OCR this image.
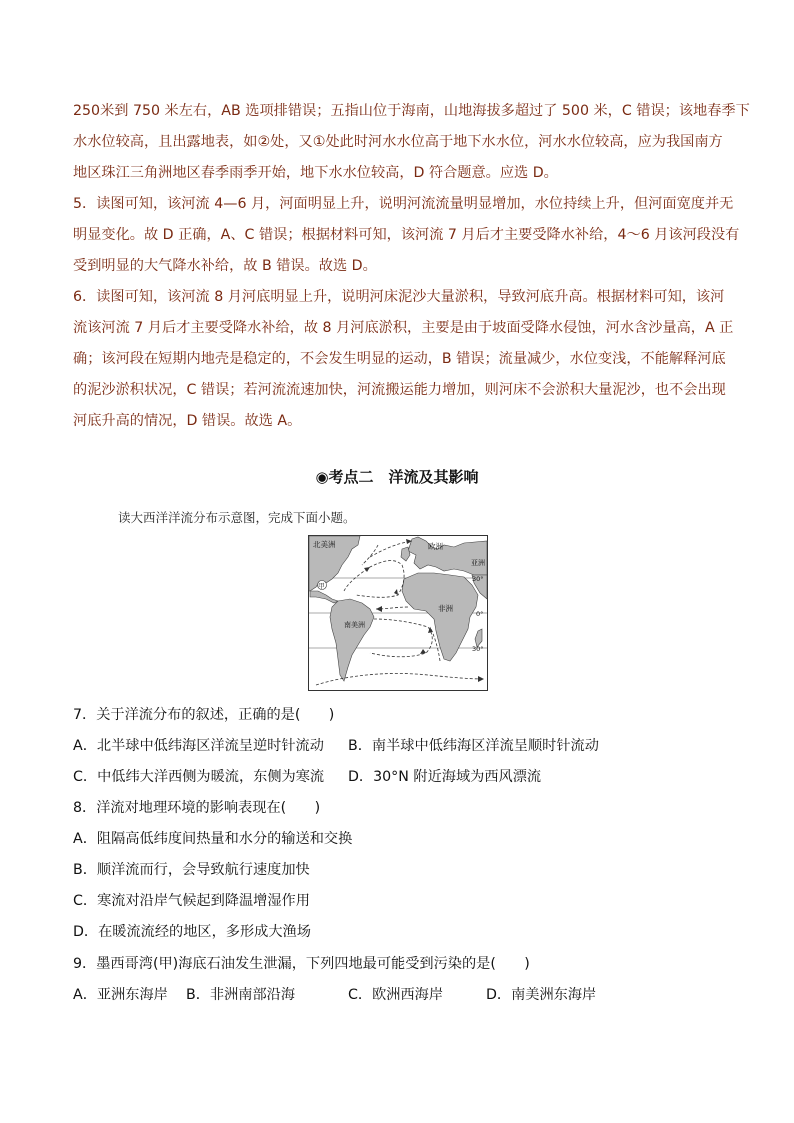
250米到 750 米左右，AB 选项排错误；五指山位于海南，山地海拔多超过了 500 米，C 错误；该地春季下

水水位较高，且出露地表，如②处，又①处此时河水水位高于地下水水位，河水水位较高，应为我国南方

地区珠江三角洲地区春季雨季开始，地下水水位较高，D 符合题意。应选 D。

5．读图可知，该河流 4—6 月，河面明显上升，说明河流流量明显增加，水位持续上升，但河面宽度并无

明显变化。故 D 正确，A、C 错误；根据材料可知，该河流 7 月后才主要受降水补给，4～6 月该河段没有

受到明显的大气降水补给，故 B 错误。故选 D。

6．读图可知，该河流 8 月河底明显上升，说明河床泥沙大量淤积，导致河底升高。根据材料可知，该河

流该河流 7 月后才主要受降水补给，故 8 月河底淤积，主要是由于坡面受降水侵蚀，河水含沙量高，A 正

确；该河段在短期内地壳是稳定的，不会发生明显的运动，B 错误；流量减少，水位变浅，不能解释河底

的泥沙淤积状况，C 错误；若河流流速加快，河流搬运能力增加，则河床不会淤积大量泥沙，也不会出现

河底升高的情况，D 错误。故选 A。

◉考点二　洋流及其影响
读大西洋洋流分布示意图，完成下面小题。
北美洲	欧洲
亚洲
非洲
南美洲
甲
30°
0°
30°
7．关于洋流分布的叙述，正确的是(　　)
A．北半球中低纬海区洋流呈逆时针流动 B．南半球中低纬海区洋流呈顺时针流动
C．中低纬大洋西侧为暖流，东侧为寒流 D．30°N 附近海域为西风漂流
8．洋流对地理环境的影响表现在(　　)
A．阻隔高低纬度间热量和水分的输送和交换
B．顺洋流而行，会导致航行速度加快
C．寒流对沿岸气候起到降温增湿作用
D．在暖流流经的地区，多形成大渔场
9．墨西哥湾(甲)海底石油发生泄漏，下列四地最可能受到污染的是(　　)
A．亚洲东海岸 B．非洲南部沿海	C．欧洲西海岸	D．南美洲东海岸
